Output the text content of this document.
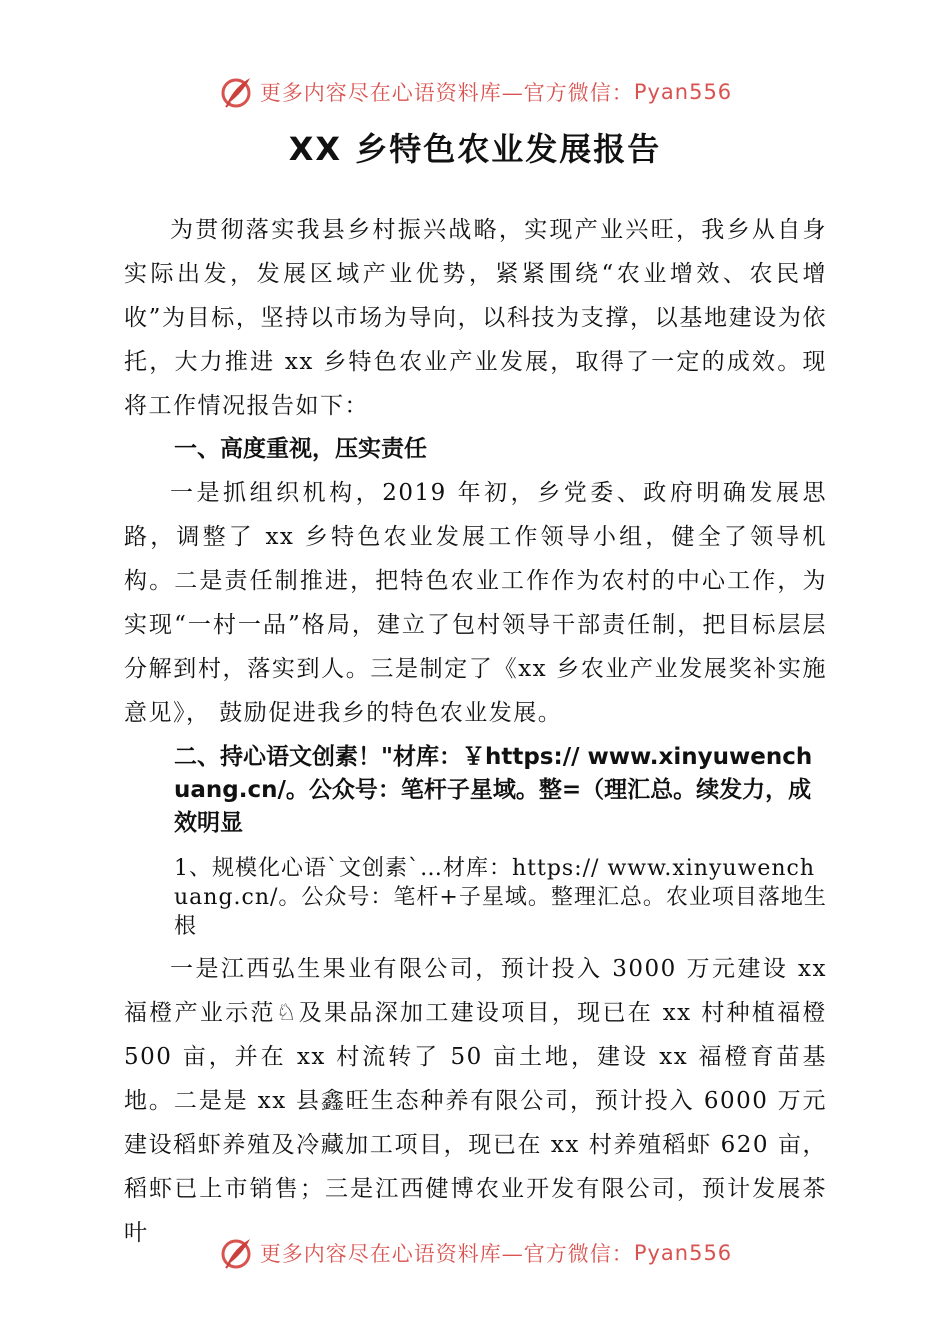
更多内容尽在心语资料库—官方微信： Pyan556
XX 乡特色农业发展报告

为贯彻落实我县乡村振兴战略，实现产业兴旺，我乡从自身实际出发，发展区域产业优势，紧紧围绕“农业增效、农民增收”为目标，坚持以市场为导向，以科技为支撑，以基地建设为依托，大力推进 xx 乡特色农业产业发展，取得了一定的成效。现将工作情况报告如下：

一、高度重视，压实责任

一是抓组织机构，2019 年初，乡党委、政府明确发展思路，调整了 xx 乡特色农业发展工作领导小组，健全了领导机构。二是责任制推进，把特色农业工作作为农村的中心工作，为实现“一村一品”格局，建立了包村领导干部责任制，把目标层层分解到村，落实到人。三是制定了《xx 乡农业产业发展奖补实施意见》， 鼓励促进我乡的特色农业发展。

二、持心语文创素！"材库：￥https:// www.xinyuwenchuang.cn/。公众号：笔杆子星域。整=（理汇总。续发力，成效明显

1、规模化心语`文创素`…材库：https:// www.xinyuwenchuang.cn/。公众号：笔杆+子星域。整理汇总。农业项目落地生根

一是江西弘生果业有限公司，预计投入 3000 万元建设 xx 福橙产业示范♘及果品深加工建设项目，现已在 xx 村种植福橙 500 亩，并在 xx 村流转了 50 亩土地，建设 xx 福橙育苗基地。二是是 xx 县鑫旺生态种养有限公司，预计投入 6000 万元建设稻虾养殖及冷藏加工项目，现已在 xx 村养殖稻虾 620 亩，稻虾已上市销售；三是江西健博农业开发有限公司，预计发展茶叶

更多内容尽在心语资料库—官方微信： Pyan556
